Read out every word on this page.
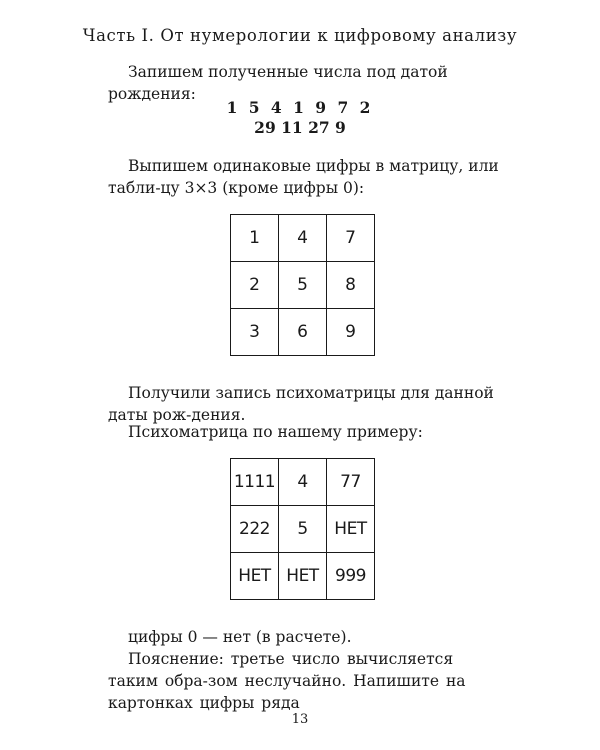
Часть I. От нумерологии к цифровому анализу
Запишем полученные числа под датой рождения:
1 5 4 1 9 7 2
29 11 27 9
Выпишем одинаковые цифры в матрицу, или табли-цу 3×3 (кроме цифры 0):
1	4	7
2	5	8
3	6	9
Получили запись психоматрицы для данной даты рож-дения.
Психоматрица по нашему примеру:
1111	4	77
222	5	НЕТ
НЕТ	НЕТ	999
цифры 0 — нет (в расчете).
Пояснение: третье число вычисляется таким обра-зом неслучайно. Напишите на картонках цифры ряда
13
